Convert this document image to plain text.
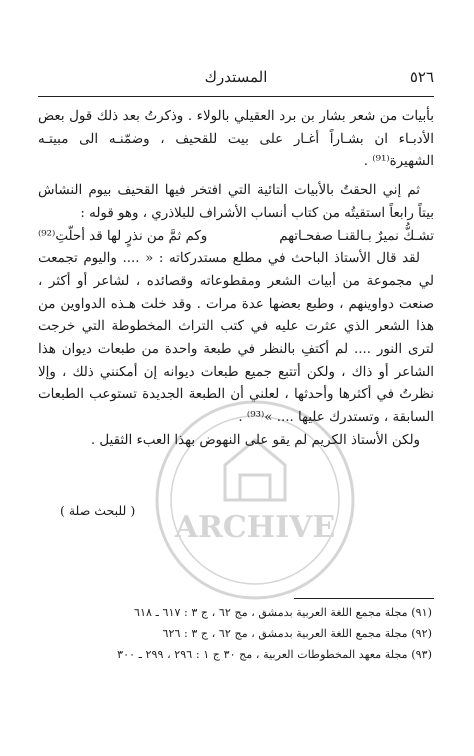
٥٢٦
المستدرك
ARCHIVE

بأبيات من شعر بشار بن برد العقيلي بالولاء . وذكرتُ بعد ذلك قول بعض الأدبـاء ان بشـاراً أغـار على بيت للقحيف ، وضمّنـه الى مبيتـه الشهيرة⁽⁹¹⁾ .

ثم إني الحقتُ بالأبيات التائية التي افتخر فيها القحيف بيوم النشاش بيتاً رابعاً استقيتُه من كتاب أنساب الأشراف للبلاذري ، وهو قوله :

تشـكُّ نميرٌ بـالقنـا صفحـاتهم
وكم ثمَّ من نذرٍ لها قد أحلّتِ⁽⁹²⁾

لقد قال الأستاذ الباحث في مطلع مستدركاته : « .... واليوم تجمعت لي مجموعة من أبيات الشعر ومقطوعاته وقصائده ، لشاعر أو أكثر ، صنعت دواوينهم ، وطبع بعضها عدة مرات . وقد خلت هـذه الدواوين من هذا الشعر الذي عثرت عليه في كتب التراث المخطوطة التي خرجت لترى النور .... لم أكتفِ بالنظر في طبعة واحدة من طبعات ديوان هذا الشاعر أو ذاك ، ولكن أتتبع جميع طبعات ديوانه إن أمكنني ذلك ، وإلا نظرتُ في أكثرها وأحدثها ، لعلني أن الطبعة الجديدة تستوعب الطبعات السابقة ، وتستدرك عليها .... »⁽⁹³⁾ .

ولكن الأستاذ الكريم لم يقو على النهوض بهذا العبء الثقيل .

( للبحث صلة )

(٩١) مجلة مجمع اللغة العربية بدمشق ، مج ٦٢ ، ج ٣ : ٦١٧ ـ ٦١٨

(٩٢) مجلة مجمع اللغة العربية بدمشق ، مج ٦٢ ، ج ٣ : ٦٢٦

(٩٣) مجلة معهد المخطوطات العربية ، مج ٣٠ ج ١ : ٢٩٦ ، ٢٩٩ ـ ٣٠٠
